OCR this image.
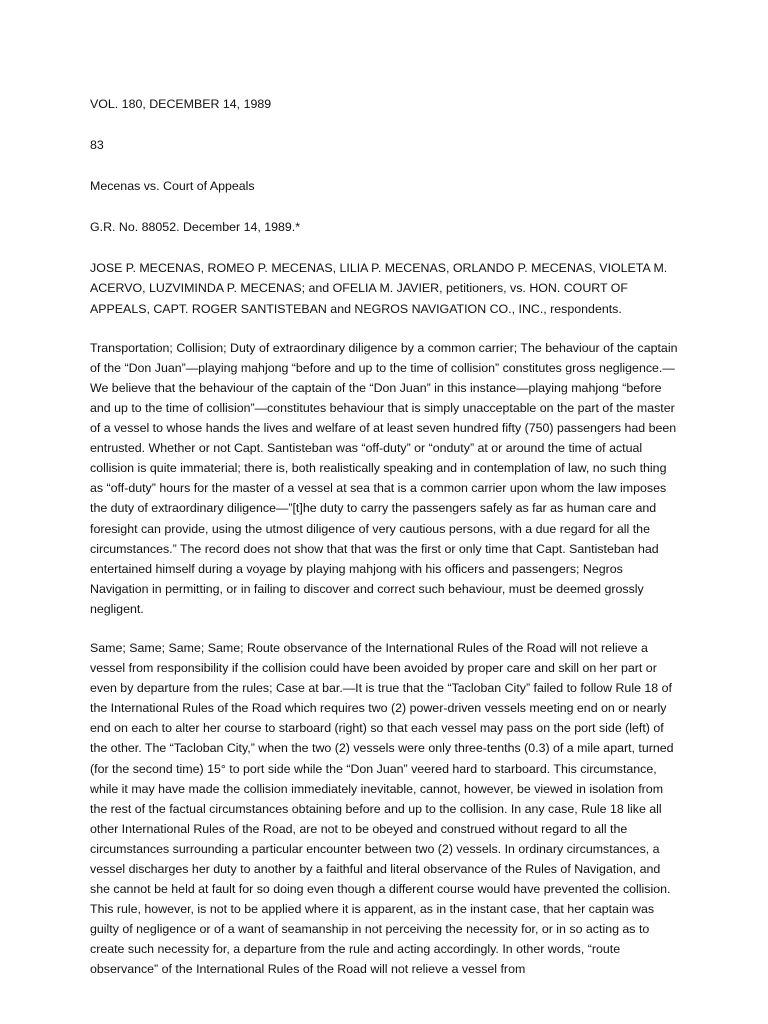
VOL. 180, DECEMBER 14, 1989

83

Mecenas vs. Court of Appeals

G.R. No. 88052. December 14, 1989.*

JOSE P. MECENAS, ROMEO P. MECENAS, LILIA P. MECENAS, ORLANDO P. MECENAS, VIOLETA M. ACERVO, LUZVIMINDA P. MECENAS; and OFELIA M. JAVIER, petitioners, vs. HON. COURT OF APPEALS, CAPT. ROGER SANTISTEBAN and NEGROS NAVIGATION CO., INC., respondents.

Transportation; Collision; Duty of extraordinary diligence by a common carrier; The behaviour of the captain of the “Don Juan”—playing mahjong “before and up to the time of collision” constitutes gross negligence.—We believe that the behaviour of the captain of the “Don Juan” in this instance—playing mahjong “before and up to the time of collision”—constitutes behaviour that is simply unacceptable on the part of the master of a vessel to whose hands the lives and welfare of at least seven hundred fifty (750) passengers had been entrusted. Whether or not Capt. Santisteban was “off-duty” or “onduty” at or around the time of actual collision is quite immaterial; there is, both realistically speaking and in contemplation of law, no such thing as “off-duty” hours for the master of a vessel at sea that is a common carrier upon whom the law imposes the duty of extraordinary diligence—”[t]he duty to carry the passengers safely as far as human care and foresight can provide, using the utmost diligence of very cautious persons, with a due regard for all the circumstances.” The record does not show that that was the first or only time that Capt. Santisteban had entertained himself during a voyage by playing mahjong with his officers and passengers; Negros Navigation in permitting, or in failing to discover and correct such behaviour, must be deemed grossly negligent.

Same; Same; Same; Same; Route observance of the International Rules of the Road will not relieve a vessel from responsibility if the collision could have been avoided by proper care and skill on her part or even by departure from the rules; Case at bar.—It is true that the “Tacloban City” failed to follow Rule 18 of the International Rules of the Road which requires two (2) power-driven vessels meeting end on or nearly end on each to alter her course to starboard (right) so that each vessel may pass on the port side (left) of the other. The “Tacloban City,” when the two (2) vessels were only three-tenths (0.3) of a mile apart, turned (for the second time) 15° to port side while the “Don Juan” veered hard to starboard. This circumstance, while it may have made the collision immediately inevitable, cannot, however, be viewed in isolation from the rest of the factual circumstances obtaining before and up to the collision. In any case, Rule 18 like all other International Rules of the Road, are not to be obeyed and construed without regard to all the circumstances surrounding a particular encounter between two (2) vessels. In ordinary circumstances, a vessel discharges her duty to another by a faithful and literal observance of the Rules of Navigation, and she cannot be held at fault for so doing even though a different course would have prevented the collision. This rule, however, is not to be applied where it is apparent, as in the instant case, that her captain was guilty of negligence or of a want of seamanship in not perceiving the necessity for, or in so acting as to create such necessity for, a departure from the rule and acting accordingly. In other words, “route observance” of the International Rules of the Road will not relieve a vessel from
